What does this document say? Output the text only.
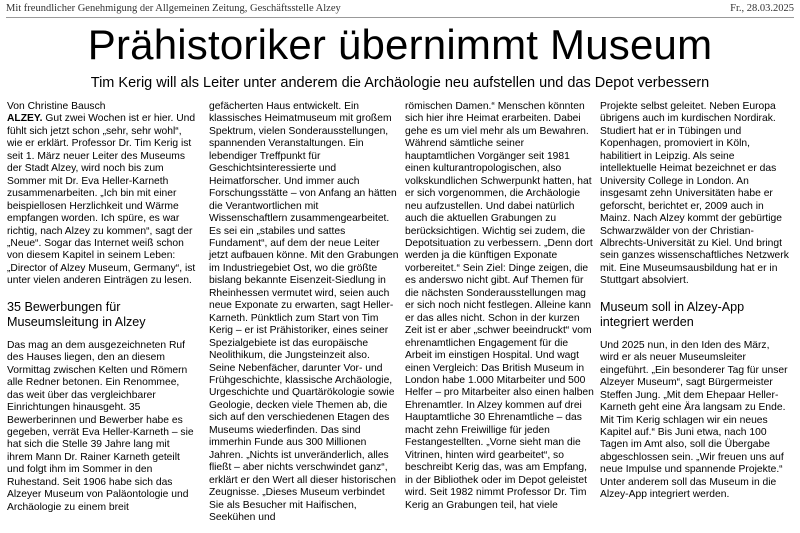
Mit freundlicher Genehmigung der Allgemeinen Zeitung, Geschäftsstelle Alzey	Fr., 28.03.2025
Prähistoriker übernimmt Museum
Tim Kerig will als Leiter unter anderem die Archäologie neu aufstellen und das Depot verbessern

Von Christine Bausch

ALZEY. Gut zwei Wochen ist er hier. Und fühlt sich jetzt schon „sehr, sehr wohl“, wie er erklärt. Professor Dr. Tim Kerig ist seit 1. März neuer Leiter des Museums der Stadt Alzey, wird noch bis zum Sommer mit Dr. Eva Heller-Karneth zusammenarbeiten. „Ich bin mit einer beispiellosen Herzlichkeit und Wärme empfangen worden. Ich spüre, es war richtig, nach Alzey zu kommen“, sagt der „Neue“. Sogar das Internet weiß schon von diesem Kapitel in seinem Leben: „Director of Alzey Museum, Germany“, ist unter vielen anderen Einträgen zu lesen.

35 Bewerbungen für Museumsleitung in Alzey

Das mag an dem ausgezeichneten Ruf des Hauses liegen, den an diesem Vormittag zwischen Kelten und Römern alle Redner betonen. Ein Renommee, das weit über das vergleichbarer Einrichtungen hinausgeht. 35 Bewerberinnen und Bewerber habe es gegeben, verrät Eva Heller-Karneth – sie hat sich die Stelle 39 Jahre lang mit ihrem Mann Dr. Rainer Karneth geteilt und folgt ihm im Sommer in den Ruhestand. Seit 1906 habe sich das Alzeyer Museum von Paläontologie und Archäologie zu einem breit

gefächerten Haus entwickelt. Ein klassisches Heimatmuseum mit großem Spektrum, vielen Sonderausstellungen, spannenden Veranstaltungen. Ein lebendiger Treffpunkt für Geschichtsinteressierte und Heimatforscher. Und immer auch Forschungsstätte – von Anfang an hätten die Verantwortlichen mit Wissenschaftlern zusammengearbeitet. Es sei ein „stabiles und sattes Fundament“, auf dem der neue Leiter jetzt aufbauen könne. Mit den Grabungen im Industriegebiet Ost, wo die größte bislang bekannte Eisenzeit-Siedlung in Rheinhessen vermutet wird, seien auch neue Exponate zu erwarten, sagt Heller-Karneth. Pünktlich zum Start von Tim Kerig – er ist Prähistoriker, eines seiner Spezialgebiete ist das europäische Neolithikum, die Jungsteinzeit also. Seine Nebenfächer, darunter Vor- und Frühgeschichte, klassische Archäologie, Urgeschichte und Quartärökologie sowie Geologie, decken viele Themen ab, die sich auf den verschiedenen Etagen des Museums wiederfinden. Das sind immerhin Funde aus 300 Millionen Jahren. „Nichts ist unveränderlich, alles fließt – aber nichts verschwindet ganz“, erklärt er den Wert all dieser historischen Zeugnisse. „Dieses Museum verbindet Sie als Besucher mit Haifischen, Seekühen und

römischen Damen.“ Menschen könnten sich hier ihre Heimat erarbeiten. Dabei gehe es um viel mehr als um Bewahren. Während sämtliche seiner hauptamtlichen Vorgänger seit 1981 einen kulturantropologischen, also volkskundlichen Schwerpunkt hatten, hat er sich vorgenommen, die Archäologie neu aufzustellen. Und dabei natürlich auch die aktuellen Grabungen zu berücksichtigen. Wichtig sei zudem, die Depotsituation zu verbessern. „Denn dort werden ja die künftigen Exponate vorbereitet.“ Sein Ziel: Dinge zeigen, die es anderswo nicht gibt. Auf Themen für die nächsten Sonderausstellungen mag er sich noch nicht festlegen. Alleine kann er das alles nicht. Schon in der kurzen Zeit ist er aber „schwer beeindruckt“ vom ehrenamtlichen Engagement für die Arbeit im einstigen Hospital. Und wagt einen Vergleich: Das British Museum in London habe 1.000 Mitarbeiter und 500 Helfer – pro Mitarbeiter also einen halben Ehrenamtler. In Alzey kommen auf drei Hauptamtliche 30 Ehrenamtliche – das macht zehn Freiwillige für jeden Festangestellten. „Vorne sieht man die Vitrinen, hinten wird gearbeitet“, so beschreibt Kerig das, was am Empfang, in der Bibliothek oder im Depot geleistet wird. Seit 1982 nimmt Professor Dr. Tim Kerig an Grabungen teil, hat viele

Projekte selbst geleitet. Neben Europa übrigens auch im kurdischen Nordirak. Studiert hat er in Tübingen und Kopenhagen, promoviert in Köln, habilitiert in Leipzig. Als seine intellektuelle Heimat bezeichnet er das University College in London. An insgesamt zehn Universitäten habe er geforscht, berichtet er, 2009 auch in Mainz. Nach Alzey kommt der gebürtige Schwarzwälder von der Christian-Albrechts-Universität zu Kiel. Und bringt sein ganzes wissenschaftliches Netzwerk mit. Eine Museumsausbildung hat er in Stuttgart absolviert.

Museum soll in Alzey-App integriert werden

Und 2025 nun, in den Iden des März, wird er als neuer Museumsleiter eingeführt. „Ein besonderer Tag für unser Alzeyer Museum“, sagt Bürgermeister Steffen Jung. „Mit dem Ehepaar Heller-Karneth geht eine Ära langsam zu Ende. Mit Tim Kerig schlagen wir ein neues Kapitel auf.“ Bis Juni etwa, nach 100 Tagen im Amt also, soll die Übergabe abgeschlossen sein. „Wir freuen uns auf neue Impulse und spannende Projekte.“ Unter anderem soll das Museum in die Alzey-App integriert werden.
